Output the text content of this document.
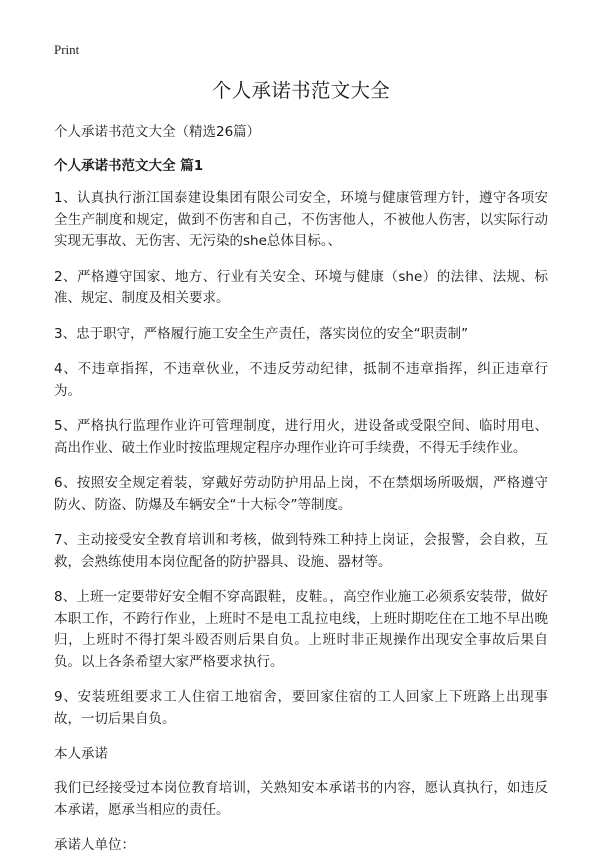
Print
个人承诺书范文大全

个人承诺书范文大全（精选26篇）

个人承诺书范文大全 篇1

1、认真执行浙江国泰建设集团有限公司安全，环境与健康管理方针，遵守各项安全生产制度和规定，做到不伤害和自己，不伤害他人，不被他人伤害，以实际行动实现无事故、无伤害、无污染的she总体目标。、

2、严格遵守国家、地方、行业有关安全、环境与健康（she）的法律、法规、标准、规定、制度及相关要求。

3、忠于职守，严格履行施工安全生产责任，落实岗位的安全“职责制”

4、不违章指挥，不违章伙业，不违反劳动纪律，抵制不违章指挥，纠正违章行为。

5、严格执行监理作业许可管理制度，进行用火，进设备或受限空间、临时用电、高出作业、破土作业时按监理规定程序办理作业许可手续费，不得无手续作业。

6、按照安全规定着装，穿戴好劳动防护用品上岗，不在禁烟场所吸烟，严格遵守防火、防盗、防爆及车辆安全“十大标令”等制度。

7、主动接受安全教育培训和考核，做到特殊工种持上岗证，会报警，会自救，互救，会熟练使用本岗位配备的防护器具、设施、器材等。

8、上班一定要带好安全帽不穿高跟鞋，皮鞋。，高空作业施工必须系安装带，做好本职工作，不跨行作业，上班时不是电工乱拉电线，上班时期吃住在工地不早出晚归，上班时不得打架斗殴否则后果自负。上班时非正规操作出现安全事故后果自负。以上各条希望大家严格要求执行。

9、安装班组要求工人住宿工地宿舍，要回家住宿的工人回家上下班路上出现事故，一切后果自负。

本人承诺

我们已经接受过本岗位教育培训，关熟知安本承诺书的内容，愿认真执行，如违反本承诺，愿承当相应的责任。

承诺人单位：
